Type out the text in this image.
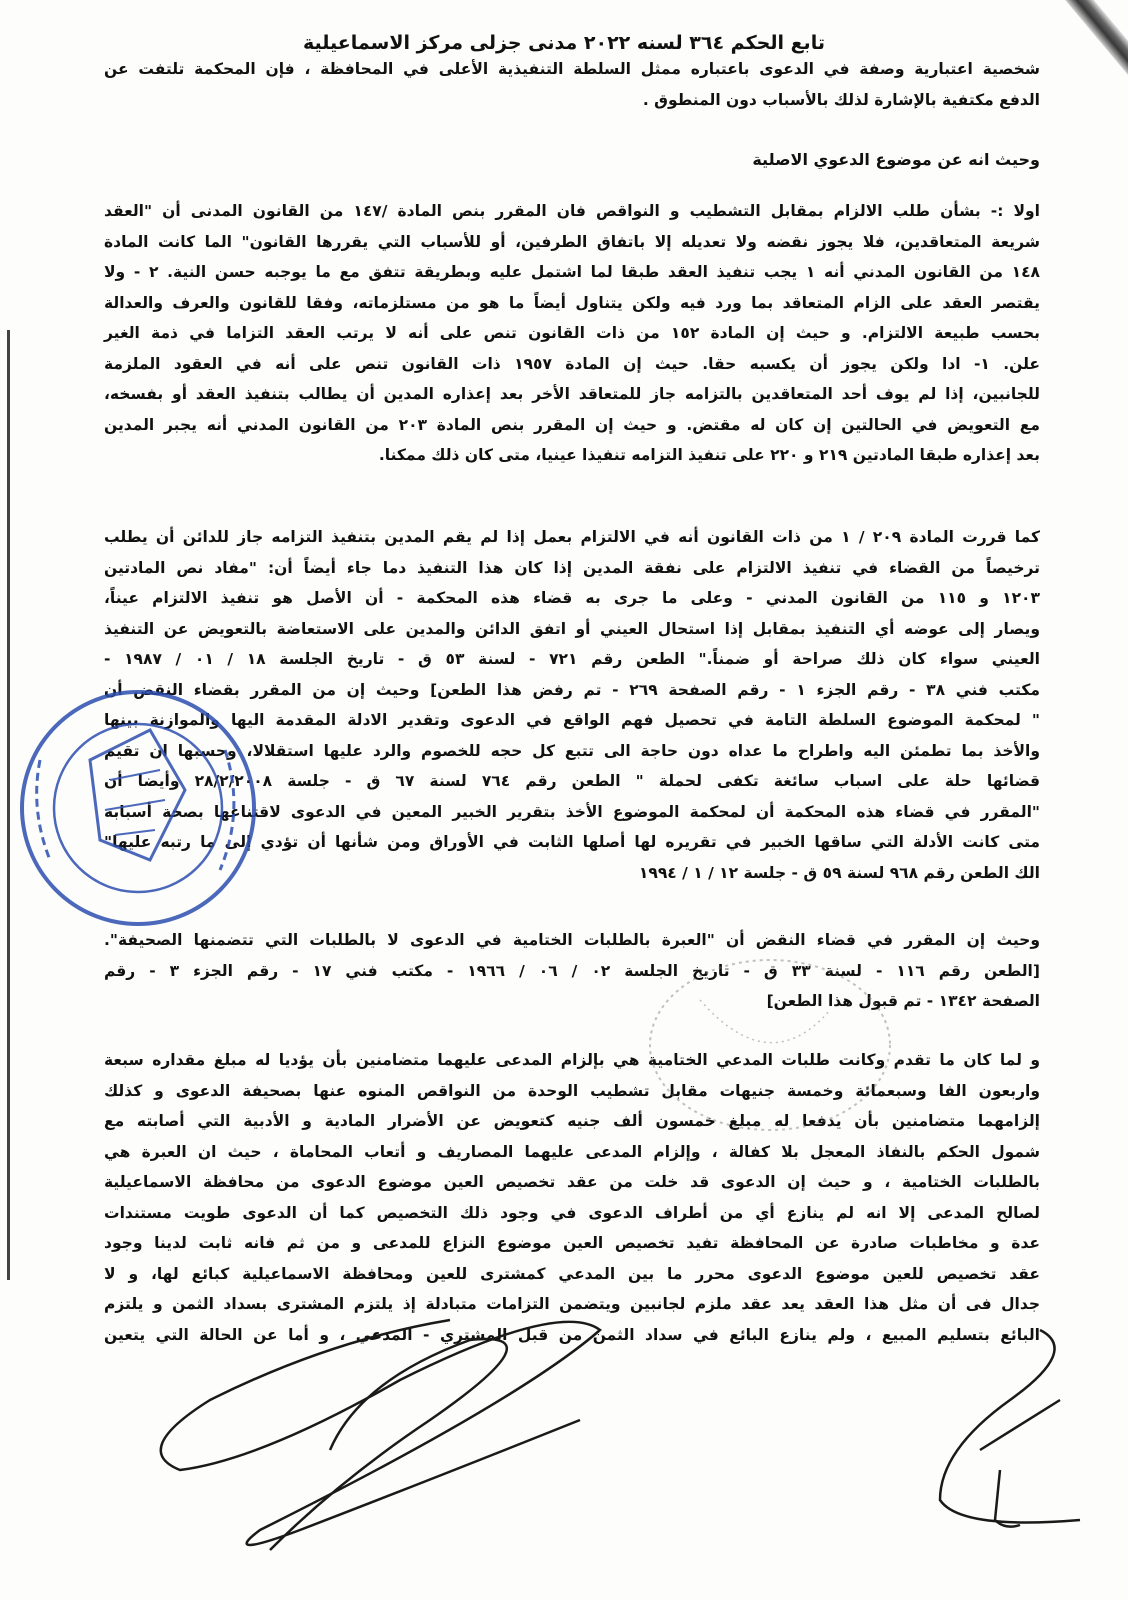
تابع الحكم ٣٦٤ لسنه ٢٠٢٢ مدنى جزلى مركز الاسماعيلية
شخصية اعتبارية وصفة في الدعوى باعتباره ممثل السلطة التنفيذية الأعلى في المحافظة ، فإن المحكمة تلتفت عن
الدفع مكتفية بالإشارة لذلك بالأسباب دون المنطوق .
وحيث انه عن موضوع الدعوي الاصلية
اولا :- بشأن طلب الالزام بمقابل التشطيب و النواقص فان المقرر بنص المادة /١٤٧ من القانون المدنى أن "العقد
شريعة المتعاقدين، فلا يجوز نقضه ولا تعديله إلا باتفاق الطرفين، أو للأسباب التي يقررها القانون" الما كانت المادة
١٤٨ من القانون المدني أنه ١ يجب تنفيذ العقد طبقا لما اشتمل عليه وبطريقة تتفق مع ما يوجبه حسن النية. ٢ - ولا
يقتصر العقد على الزام المتعاقد بما ورد فيه ولكن يتناول أيضاً ما هو من مستلزماته، وفقا للقانون والعرف والعدالة
بحسب طبيعة الالتزام. و حيث إن المادة ١٥٢ من ذات القانون تنص على أنه لا يرتب العقد التزاما في ذمة الغير
علن. ١- ادا ولكن يجوز أن يكسبه حقا. حيث إن المادة ١٩٥٧ ذات القانون تنص على أنه في العقود الملزمة
للجانبين، إذا لم يوف أحد المتعاقدين بالتزامه جاز للمتعاقد الأخر بعد إعذاره المدين أن يطالب بتنفيذ العقد أو بفسخه،
مع التعويض في الحالتين إن كان له مقتض. و حيث إن المقرر بنص المادة ٢٠٣ من القانون المدني أنه يجبر المدين
بعد إعذاره طبقا المادتين ٢١٩ و ٢٢٠ على تنفيذ التزامه تنفيذا عينيا، متى كان ذلك ممكنا.
كما قررت المادة ٢٠٩ / ١ من ذات القانون أنه في الالتزام بعمل إذا لم يقم المدين بتنفيذ التزامه جاز للدائن أن يطلب
ترخيصاً من القضاء في تنفيذ الالتزام على نفقة المدين إذا كان هذا التنفيذ دما جاء أيضاً أن: "مفاد نص المادتين
١٢٠٣ و ١١٥ من القانون المدني - وعلى ما جرى به قضاء هذه المحكمة - أن الأصل هو تنفيذ الالتزام عيناً،
ويصار إلى عوضه أي التنفيذ بمقابل إذا استحال العيني أو اتفق الدائن والمدين على الاستعاضة بالتعويض عن التنفيذ
العيني سواء كان ذلك صراحة أو ضمناً." الطعن رقم ٧٢١ - لسنة ٥٣ ق - تاريخ الجلسة ١٨ / ٠١ / ١٩٨٧ -
مكتب فني ٣٨ - رقم الجزء ١ - رقم الصفحة ٢٦٩ - تم رفض هذا الطعن] وحيث إن من المقرر بقضاء النقض أن
" لمحكمة الموضوع السلطة التامة في تحصيل فهم الواقع في الدعوى وتقدير الادلة المقدمة اليها والموازنة بينها
والأخذ بما تطمئن اليه واطراح ما عداه دون حاجة الى تتبع كل حجه للخصوم والرد عليها استقلالا، وحسبها ان تقيم
قضائها حلة على اسباب سائغة تكفى لحملة " الطعن رقم ٧٦٤ لسنة ٦٧ ق - جلسة ٢٨/٢/٢٠٠٨ وأيضا أن
"المقرر في قضاء هذه المحكمة أن لمحكمة الموضوع الأخذ بتقرير الخبير المعين في الدعوى لاقتناعها بصحة أسبابه
متى كانت الأدلة التي ساقها الخبير في تقريره لها أصلها الثابت في الأوراق ومن شأنها أن تؤدي إلى ما رتبه عليها"
الك الطعن رقم ٩٦٨ لسنة ٥٩ ق - جلسة ١٢ / ١ / ١٩٩٤
وحيث إن المقرر في قضاء النقض أن "العبرة بالطلبات الختامية في الدعوى لا بالطلبات التي تتضمنها الصحيفة".
[الطعن رقم ١١٦ - لسنة ٣٣ ق - تاريخ الجلسة ٠٢ / ٠٦ / ١٩٦٦ - مكتب فني ١٧ - رقم الجزء ٣ - رقم
الصفحة ١٣٤٢ - تم قبول هذا الطعن]
و لما كان ما تقدم وكانت طلبات المدعي الختامية هي بإلزام المدعى عليهما متضامنين بأن يؤديا له مبلغ مقداره سبعة
واربعون الفا وسبعمائة وخمسة جنيهات مقابل تشطيب الوحدة من النواقص المنوه عنها بصحيفة الدعوى و كذلك
إلزامهما متضامنين بأن يدفعا له مبلغ خمسون ألف جنيه كتعويض عن الأضرار المادية و الأدبية التي أصابته مع
شمول الحكم بالنفاذ المعجل بلا كفالة ، وإلزام المدعى عليهما المصاريف و أتعاب المحاماة ، حيث ان العبرة هي
بالطلبات الختامية ، و حيث إن الدعوى قد خلت من عقد تخصيص العين موضوع الدعوى من محافظة الاسماعيلية
لصالح المدعى إلا انه لم ينازع أي من أطراف الدعوى في وجود ذلك التخصيص كما أن الدعوى طويت مستندات
عدة و مخاطبات صادرة عن المحافظة تفيد تخصيص العين موضوع النزاع للمدعى و من ثم فانه ثابت لدينا وجود
عقد تخصيص للعين موضوع الدعوى محرر ما بين المدعي كمشترى للعين ومحافظة الاسماعيلية كبائع لها، و لا
جدال فى أن مثل هذا العقد يعد عقد ملزم لجانبين ويتضمن التزامات متبادلة إذ يلتزم المشترى بسداد الثمن و يلتزم
البائع بتسليم المبيع ، ولم ينازع البائع في سداد الثمن من قبل المشتري - المدعي ، و أما عن الحالة التي يتعين
